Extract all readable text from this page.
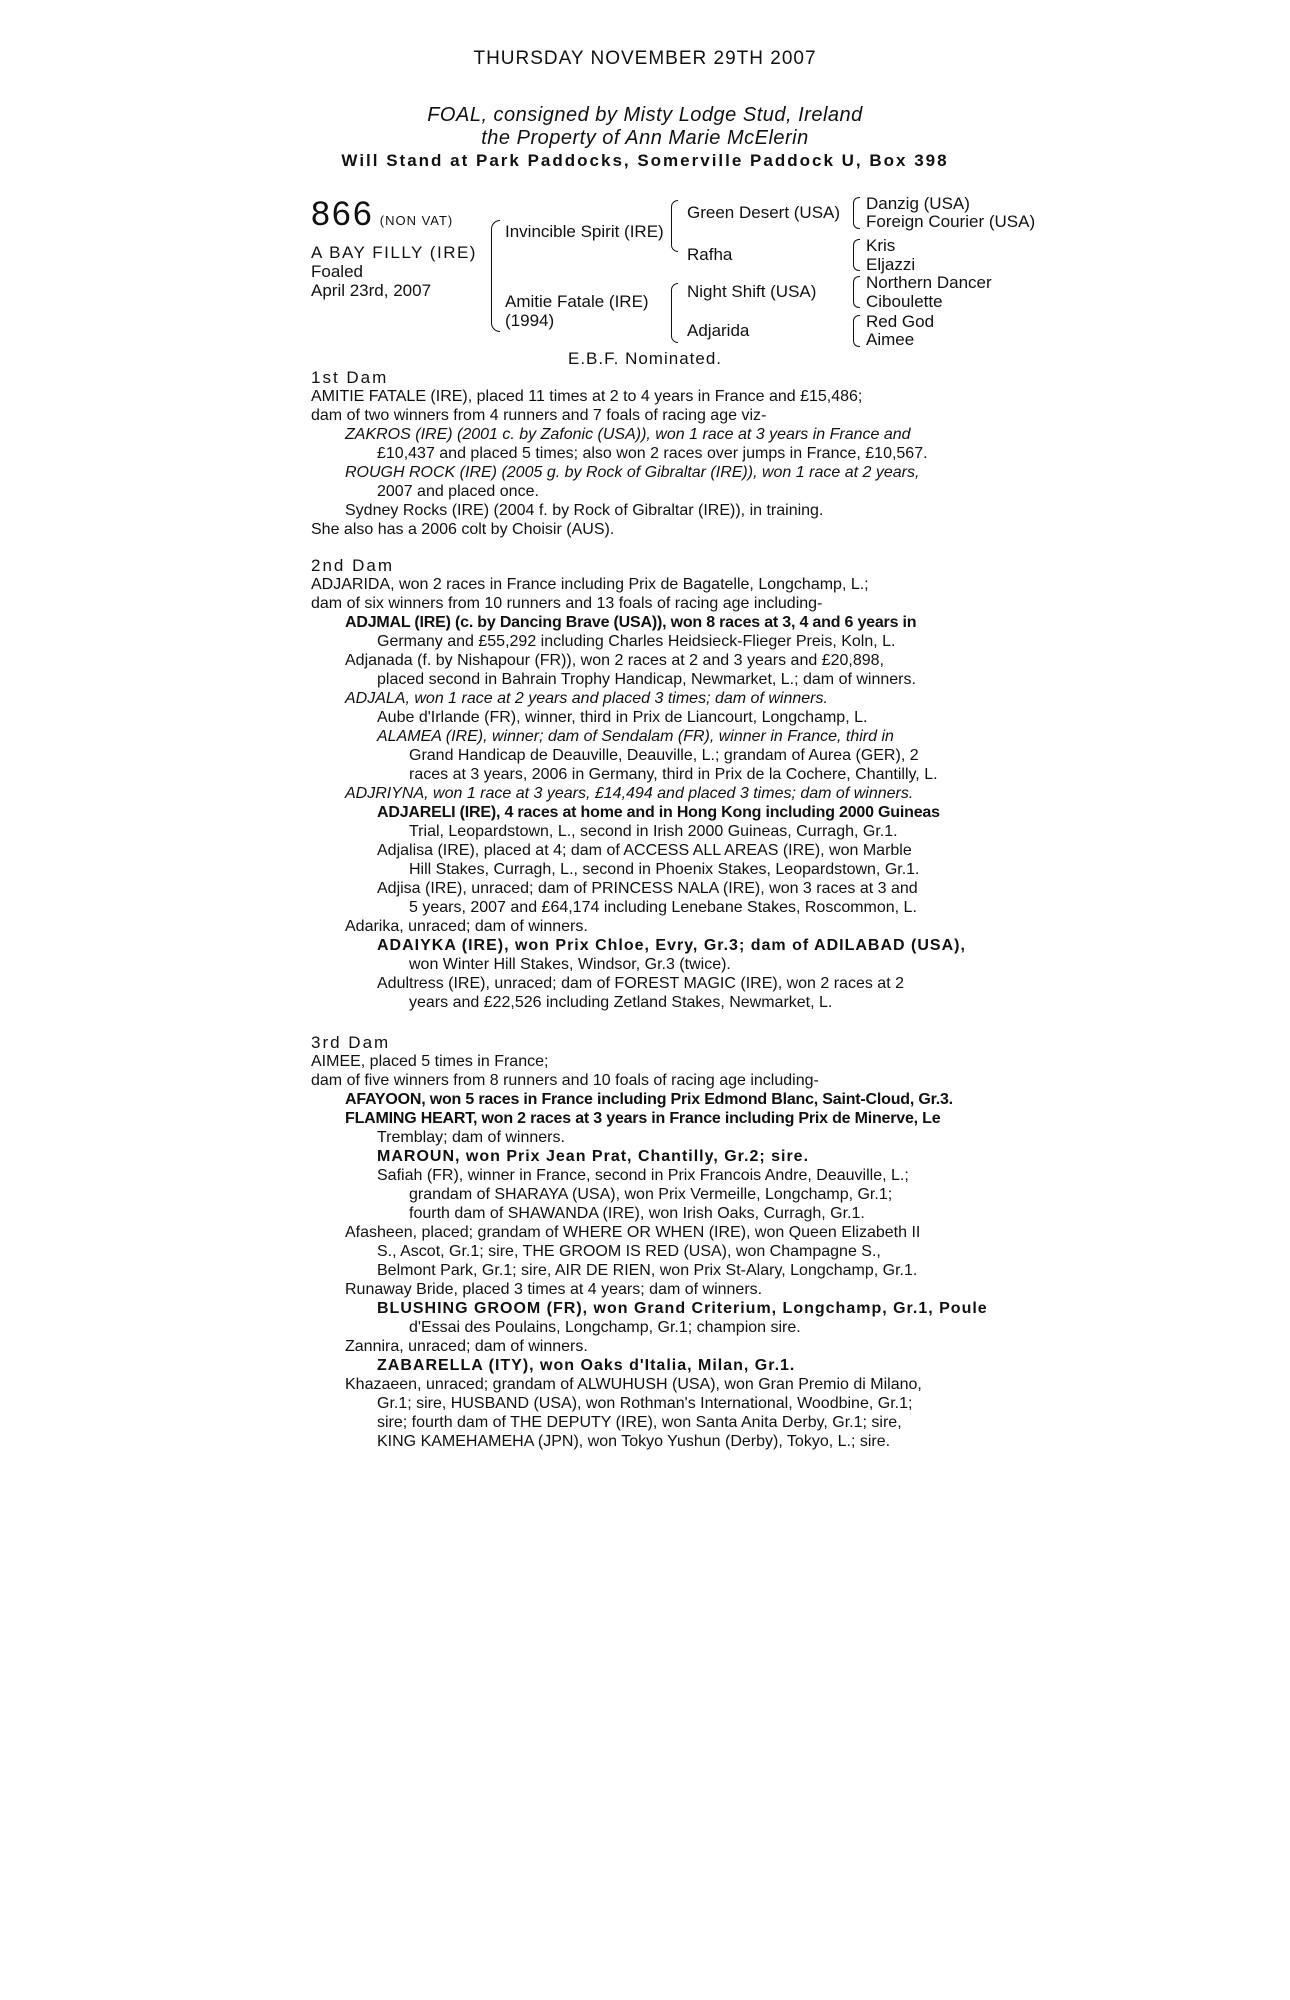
THURSDAY NOVEMBER 29TH 2007
FOAL, consigned by Misty Lodge Stud, Ireland
the Property of Ann Marie McElerin
Will Stand at Park Paddocks, Somerville Paddock U, Box 398
866 (NON VAT)
A BAY FILLY (IRE)
Foaled
April 23rd, 2007
Invincible Spirit (IRE)
Amitie Fatale (IRE)
(1994)
Green Desert (USA)
Rafha
Night Shift (USA)
Adjarida
Danzig (USA)
Foreign Courier (USA)
Kris
Eljazzi
Northern Dancer
Ciboulette
Red God
Aimee
E.B.F. Nominated.
1st Dam
AMITIE FATALE (IRE), placed 11 times at 2 to 4 years in France and £15,486;
dam of two winners from 4 runners and 7 foals of racing age viz-
ZAKROS (IRE) (2001 c. by Zafonic (USA)), won 1 race at 3 years in France and
£10,437 and placed 5 times; also won 2 races over jumps in France, £10,567.
ROUGH ROCK (IRE) (2005 g. by Rock of Gibraltar (IRE)), won 1 race at 2 years,
2007 and placed once.
Sydney Rocks (IRE) (2004 f. by Rock of Gibraltar (IRE)), in training.
She also has a 2006 colt by Choisir (AUS).
2nd Dam
ADJARIDA, won 2 races in France including Prix de Bagatelle, Longchamp, L.;
dam of six winners from 10 runners and 13 foals of racing age including-
ADJMAL (IRE) (c. by Dancing Brave (USA)), won 8 races at 3, 4 and 6 years in
Germany and £55,292 including Charles Heidsieck-Flieger Preis, Koln, L.
Adjanada (f. by Nishapour (FR)), won 2 races at 2 and 3 years and £20,898,
placed second in Bahrain Trophy Handicap, Newmarket, L.; dam of winners.
ADJALA, won 1 race at 2 years and placed 3 times; dam of winners.
Aube d'Irlande (FR), winner, third in Prix de Liancourt, Longchamp, L.
ALAMEA (IRE), winner; dam of Sendalam (FR), winner in France, third in
Grand Handicap de Deauville, Deauville, L.; grandam of Aurea (GER), 2
races at 3 years, 2006 in Germany, third in Prix de la Cochere, Chantilly, L.
ADJRIYNA, won 1 race at 3 years, £14,494 and placed 3 times; dam of winners.
ADJARELI (IRE), 4 races at home and in Hong Kong including 2000 Guineas
Trial, Leopardstown, L., second in Irish 2000 Guineas, Curragh, Gr.1.
Adjalisa (IRE), placed at 4; dam of ACCESS ALL AREAS (IRE), won Marble
Hill Stakes, Curragh, L., second in Phoenix Stakes, Leopardstown, Gr.1.
Adjisa (IRE), unraced; dam of PRINCESS NALA (IRE), won 3 races at 3 and
5 years, 2007 and £64,174 including Lenebane Stakes, Roscommon, L.
Adarika, unraced; dam of winners.
ADAIYKA (IRE), won Prix Chloe, Evry, Gr.3; dam of ADILABAD (USA),
won Winter Hill Stakes, Windsor, Gr.3 (twice).
Adultress (IRE), unraced; dam of FOREST MAGIC (IRE), won 2 races at 2
years and £22,526 including Zetland Stakes, Newmarket, L.
3rd Dam
AIMEE, placed 5 times in France;
dam of five winners from 8 runners and 10 foals of racing age including-
AFAYOON, won 5 races in France including Prix Edmond Blanc, Saint-Cloud, Gr.3.
FLAMING HEART, won 2 races at 3 years in France including Prix de Minerve, Le
Tremblay; dam of winners.
MAROUN, won Prix Jean Prat, Chantilly, Gr.2; sire.
Safiah (FR), winner in France, second in Prix Francois Andre, Deauville, L.;
grandam of SHARAYA (USA), won Prix Vermeille, Longchamp, Gr.1;
fourth dam of SHAWANDA (IRE), won Irish Oaks, Curragh, Gr.1.
Afasheen, placed; grandam of WHERE OR WHEN (IRE), won Queen Elizabeth II
S., Ascot, Gr.1; sire, THE GROOM IS RED (USA), won Champagne S.,
Belmont Park, Gr.1; sire, AIR DE RIEN, won Prix St-Alary, Longchamp, Gr.1.
Runaway Bride, placed 3 times at 4 years; dam of winners.
BLUSHING GROOM (FR), won Grand Criterium, Longchamp, Gr.1, Poule
d'Essai des Poulains, Longchamp, Gr.1; champion sire.
Zannira, unraced; dam of winners.
ZABARELLA (ITY), won Oaks d'Italia, Milan, Gr.1.
Khazaeen, unraced; grandam of ALWUHUSH (USA), won Gran Premio di Milano,
Gr.1; sire, HUSBAND (USA), won Rothman's International, Woodbine, Gr.1;
sire; fourth dam of THE DEPUTY (IRE), won Santa Anita Derby, Gr.1; sire,
KING KAMEHAMEHA (JPN), won Tokyo Yushun (Derby), Tokyo, L.; sire.
